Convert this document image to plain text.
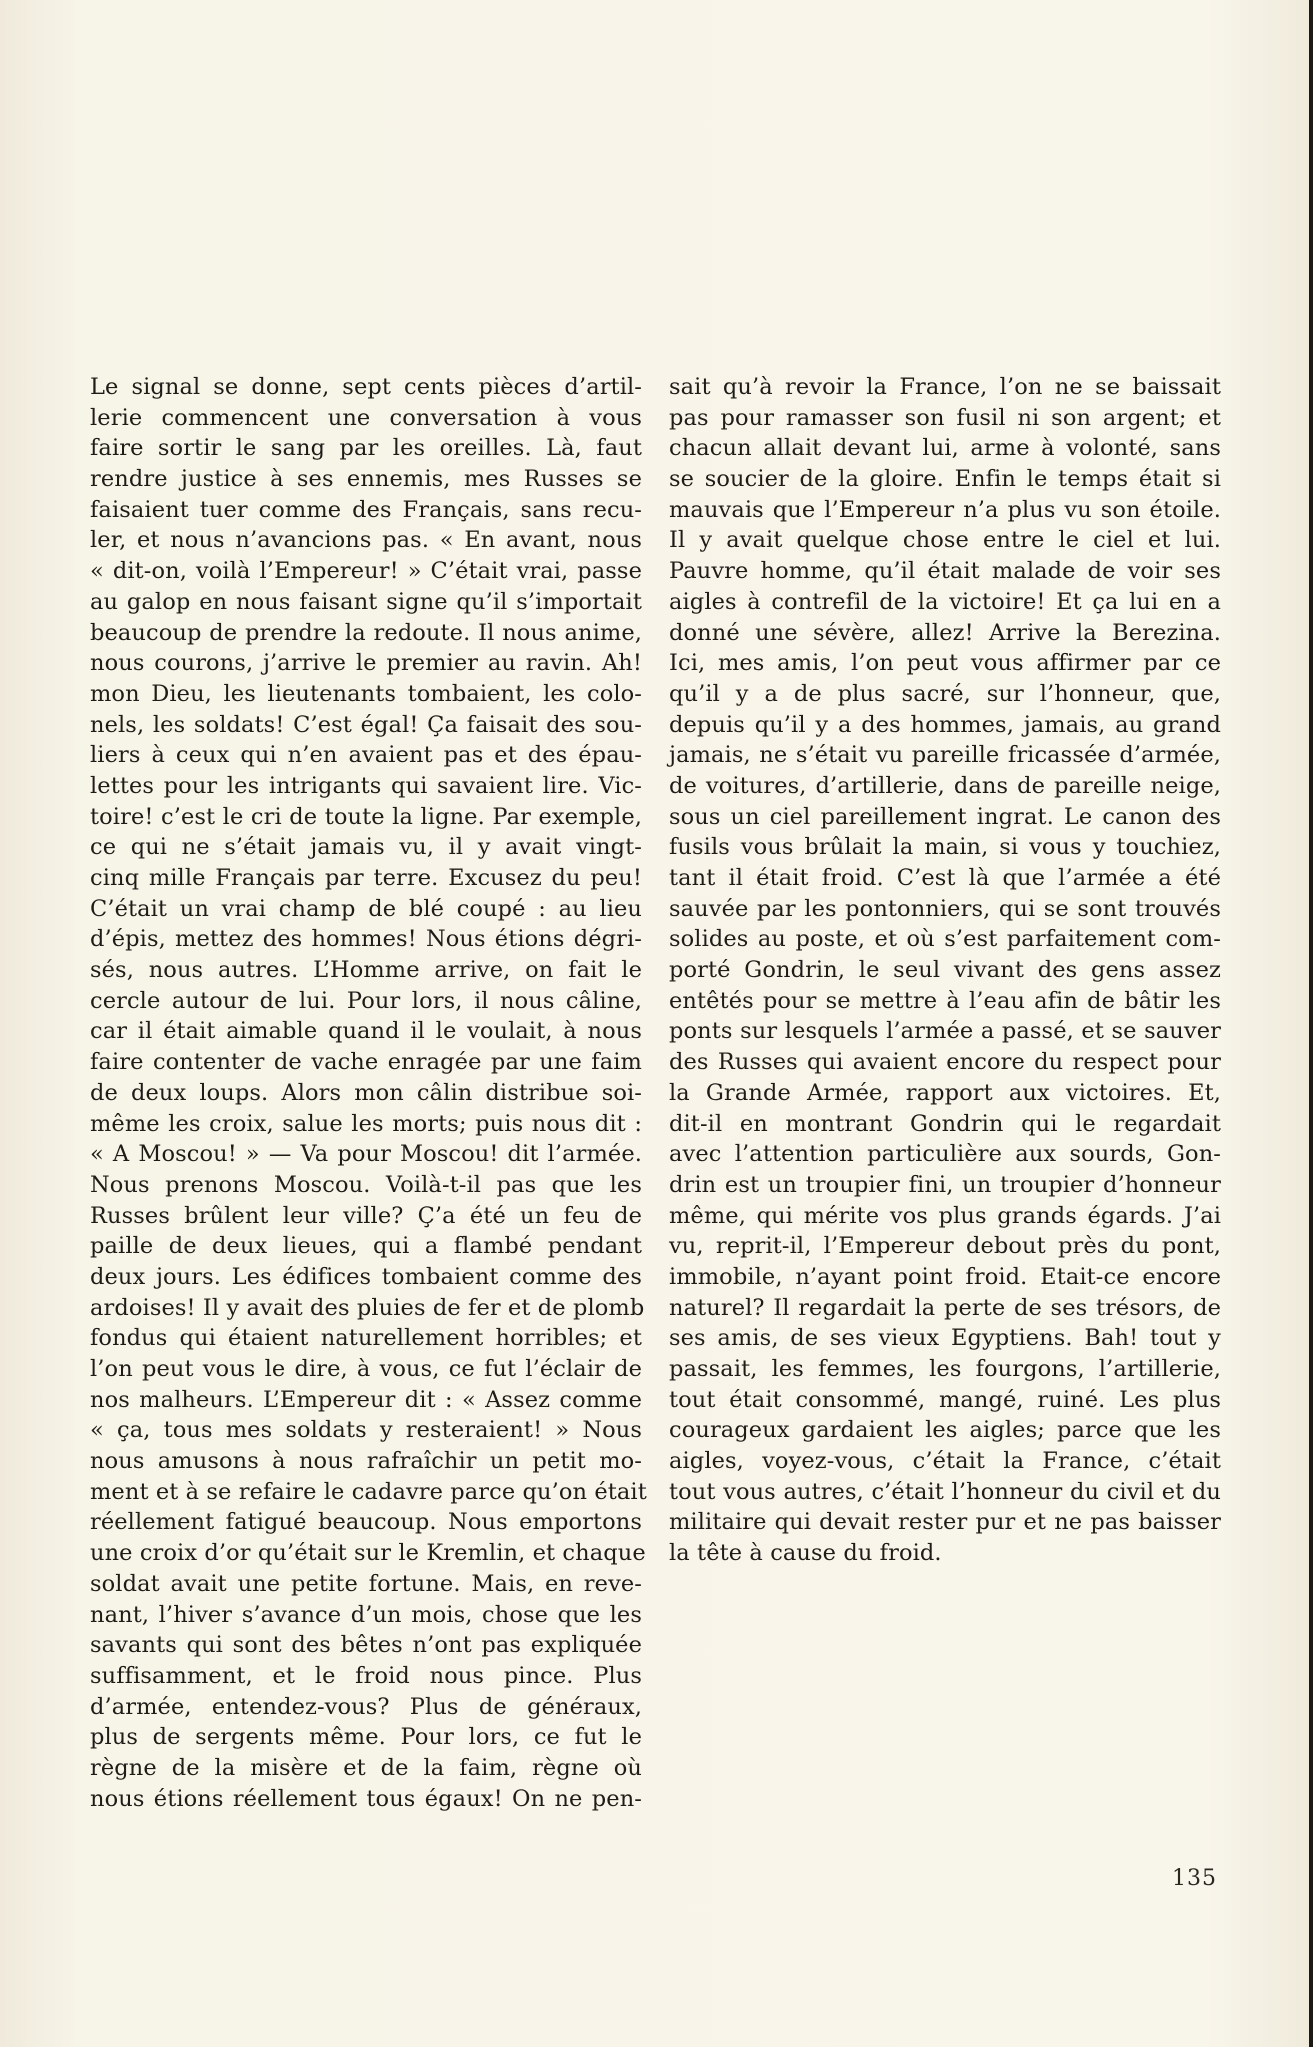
Le signal se donne, sept cents pièces d’artil-
lerie commencent une conversation à vous
faire sortir le sang par les oreilles. Là, faut
rendre justice à ses ennemis, mes Russes se
faisaient tuer comme des Français, sans recu-
ler, et nous n’avancions pas. « En avant, nous
« dit-on, voilà l’Empereur! » C’était vrai, passe
au galop en nous faisant signe qu’il s’importait
beaucoup de prendre la redoute. Il nous anime,
nous courons, j’arrive le premier au ravin. Ah!
mon Dieu, les lieutenants tombaient, les colo-
nels, les soldats! C’est égal! Ça faisait des sou-
liers à ceux qui n’en avaient pas et des épau-
lettes pour les intrigants qui savaient lire. Vic-
toire! c’est le cri de toute la ligne. Par exemple,
ce qui ne s’était jamais vu, il y avait vingt-
cinq mille Français par terre. Excusez du peu!
C’était un vrai champ de blé coupé : au lieu
d’épis, mettez des hommes! Nous étions dégri-
sés, nous autres. L’Homme arrive, on fait le
cercle autour de lui. Pour lors, il nous câline,
car il était aimable quand il le voulait, à nous
faire contenter de vache enragée par une faim
de deux loups. Alors mon câlin distribue soi-
même les croix, salue les morts; puis nous dit :
« A Moscou! » — Va pour Moscou! dit l’armée.
Nous prenons Moscou. Voilà-t-il pas que les
Russes brûlent leur ville? Ç’a été un feu de
paille de deux lieues, qui a flambé pendant
deux jours. Les édifices tombaient comme des
ardoises! Il y avait des pluies de fer et de plomb
fondus qui étaient naturellement horribles; et
l’on peut vous le dire, à vous, ce fut l’éclair de
nos malheurs. L’Empereur dit : « Assez comme
« ça, tous mes soldats y resteraient! » Nous
nous amusons à nous rafraîchir un petit mo-
ment et à se refaire le cadavre parce qu’on était
réellement fatigué beaucoup. Nous emportons
une croix d’or qu’était sur le Kremlin, et chaque
soldat avait une petite fortune. Mais, en reve-
nant, l’hiver s’avance d’un mois, chose que les
savants qui sont des bêtes n’ont pas expliquée
suffisamment, et le froid nous pince. Plus
d’armée, entendez-vous? Plus de généraux,
plus de sergents même. Pour lors, ce fut le
règne de la misère et de la faim, règne où
nous étions réellement tous égaux! On ne pen-
sait qu’à revoir la France, l’on ne se baissait
pas pour ramasser son fusil ni son argent; et
chacun allait devant lui, arme à volonté, sans
se soucier de la gloire. Enfin le temps était si
mauvais que l’Empereur n’a plus vu son étoile.
Il y avait quelque chose entre le ciel et lui.
Pauvre homme, qu’il était malade de voir ses
aigles à contrefil de la victoire! Et ça lui en a
donné une sévère, allez! Arrive la Berezina.
Ici, mes amis, l’on peut vous affirmer par ce
qu’il y a de plus sacré, sur l’honneur, que,
depuis qu’il y a des hommes, jamais, au grand
jamais, ne s’était vu pareille fricassée d’armée,
de voitures, d’artillerie, dans de pareille neige,
sous un ciel pareillement ingrat. Le canon des
fusils vous brûlait la main, si vous y touchiez,
tant il était froid. C’est là que l’armée a été
sauvée par les pontonniers, qui se sont trouvés
solides au poste, et où s’est parfaitement com-
porté Gondrin, le seul vivant des gens assez
entêtés pour se mettre à l’eau afin de bâtir les
ponts sur lesquels l’armée a passé, et se sauver
des Russes qui avaient encore du respect pour
la Grande Armée, rapport aux victoires. Et,
dit-il en montrant Gondrin qui le regardait
avec l’attention particulière aux sourds, Gon-
drin est un troupier fini, un troupier d’honneur
même, qui mérite vos plus grands égards. J’ai
vu, reprit-il, l’Empereur debout près du pont,
immobile, n’ayant point froid. Etait-ce encore
naturel? Il regardait la perte de ses trésors, de
ses amis, de ses vieux Egyptiens. Bah! tout y
passait, les femmes, les fourgons, l’artillerie,
tout était consommé, mangé, ruiné. Les plus
courageux gardaient les aigles; parce que les
aigles, voyez-vous, c’était la France, c’était
tout vous autres, c’était l’honneur du civil et du
militaire qui devait rester pur et ne pas baisser
la tête à cause du froid.
135
